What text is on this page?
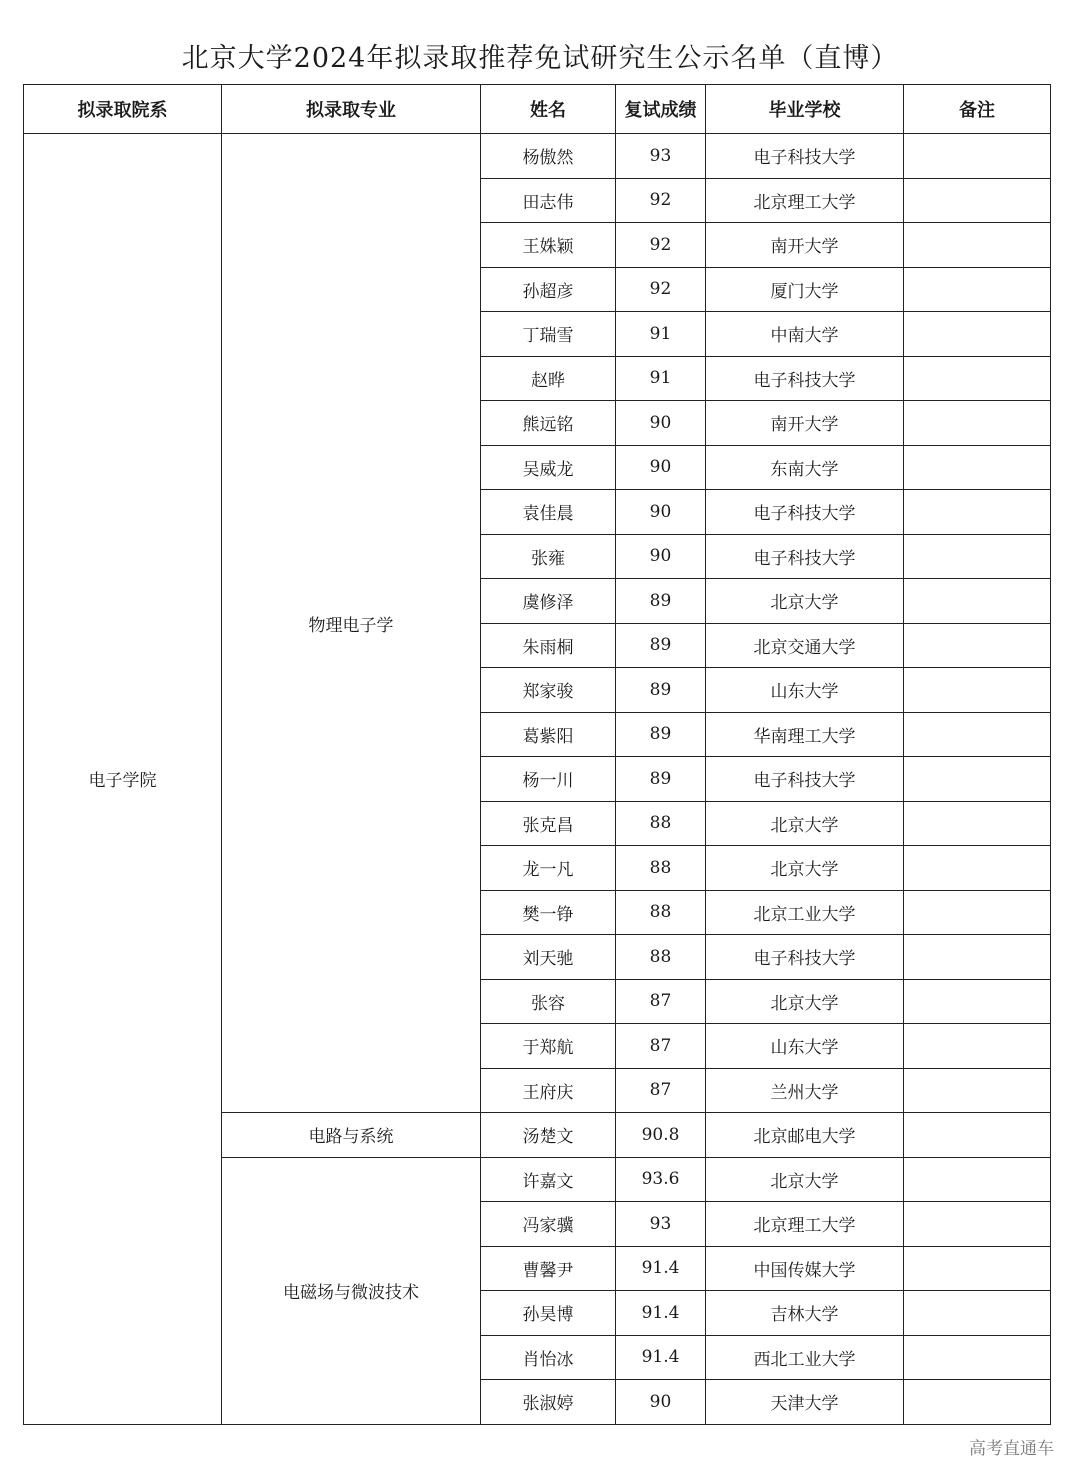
北京大学2024年拟录取推荐免试研究生公示名单（直博）
拟录取院系	拟录取专业	姓名	复试成绩	毕业学校	备注
电子学院	物理电子学	杨傲然	93	电子科技大学	
		田志伟	92	北京理工大学	
		王姝颖	92	南开大学	
		孙超彦	92	厦门大学	
		丁瑞雪	91	中南大学	
		赵晔	91	电子科技大学	
		熊远铭	90	南开大学	
		吴威龙	90	东南大学	
		袁佳晨	90	电子科技大学	
		张雍	90	电子科技大学	
		虞修泽	89	北京大学	
		朱雨桐	89	北京交通大学	
		郑家骏	89	山东大学	
		葛紫阳	89	华南理工大学	
		杨一川	89	电子科技大学	
		张克昌	88	北京大学	
		龙一凡	88	北京大学	
		樊一铮	88	北京工业大学	
		刘天驰	88	电子科技大学	
		张容	87	北京大学	
		于郑航	87	山东大学	
		王府庆	87	兰州大学	
	电路与系统	汤楚文	90.8	北京邮电大学	
	电磁场与微波技术	许嘉文	93.6	北京大学	
		冯家骥	93	北京理工大学	
		曹馨尹	91.4	中国传媒大学	
		孙昊博	91.4	吉林大学	
		肖怡冰	91.4	西北工业大学	
		张淑婷	90	天津大学	
高考直通车
